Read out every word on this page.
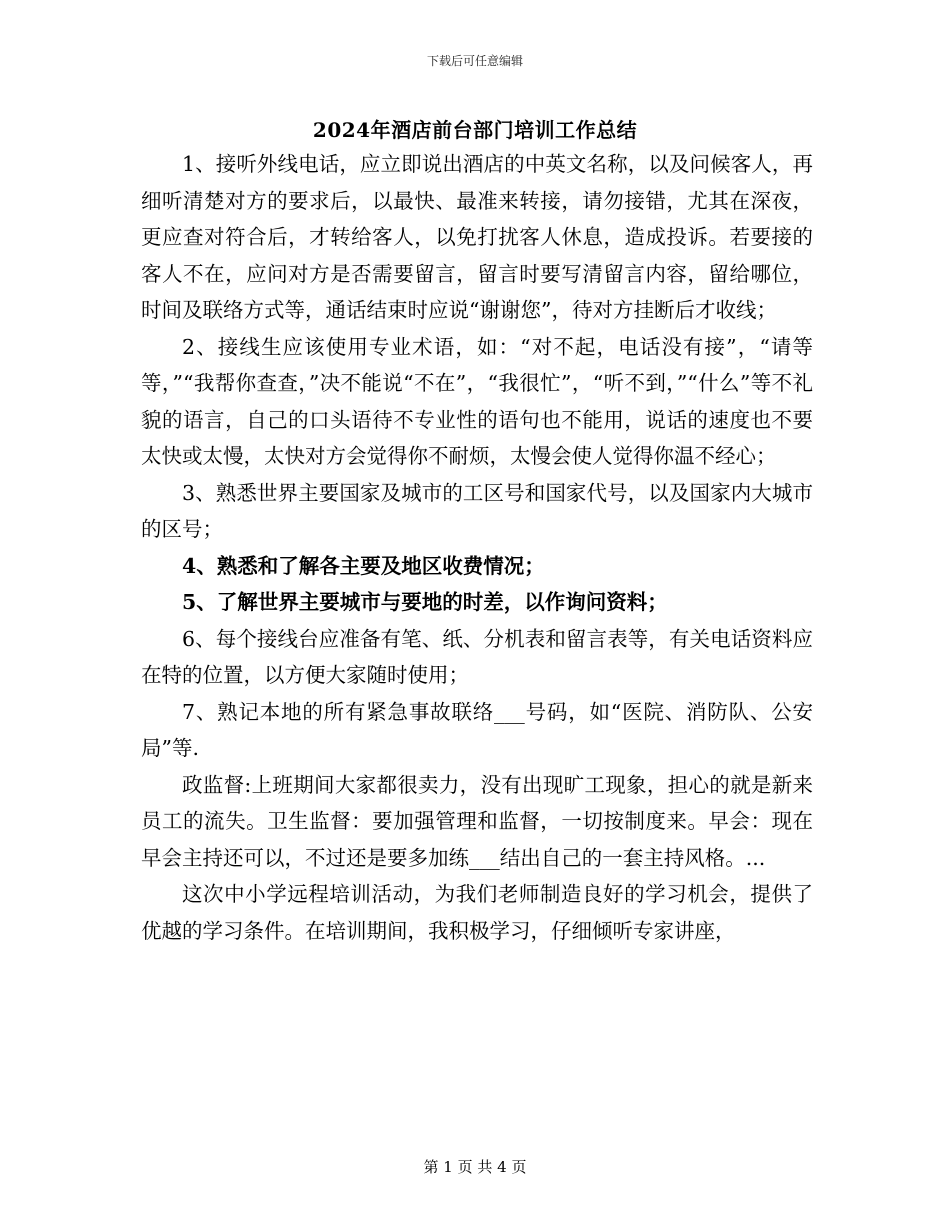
下载后可任意编辑
2024年酒店前台部门培训工作总结

1、接听外线电话，应立即说出酒店的中英文名称，以及问候客人，再细听清楚对方的要求后，以最快、最准来转接，请勿接错，尤其在深夜，更应查对符合后，才转给客人，以免打扰客人休息，造成投诉。若要接的客人不在，应问对方是否需要留言，留言时要写清留言内容，留给哪位，时间及联络方式等，通话结束时应说“谢谢您”，待对方挂断后才收线；

2、接线生应该使用专业术语，如：“对不起，电话没有接”，“请等等，”“我帮你查查，”决不能说“不在”，“我很忙”，“听不到，”“什么”等不礼貌的语言，自己的口头语待不专业性的语句也不能用，说话的速度也不要太快或太慢，太快对方会觉得你不耐烦，太慢会使人觉得你温不经心；

3、熟悉世界主要国家及城市的工区号和国家代号，以及国家内大城市的区号；

4、熟悉和了解各主要及地区收费情况；

5、了解世界主要城市与要地的时差，以作询问资料；

6、每个接线台应准备有笔、纸、分机表和留言表等，有关电话资料应在特的位置，以方便大家随时使用；

7、熟记本地的所有紧急事故联络___号码，如“医院、消防队、公安局”等.

政监督:上班期间大家都很卖力，没有出现旷工现象，担心的就是新来员工的流失。卫生监督：要加强管理和监督，一切按制度来。早会：现在早会主持还可以，不过还是要多加练___结出自己的一套主持风格。...

这次中小学远程培训活动，为我们老师制造良好的学习机会，提供了优越的学习条件。在培训期间，我积极学习，仔细倾听专家讲座，

第 1 页 共 4 页
